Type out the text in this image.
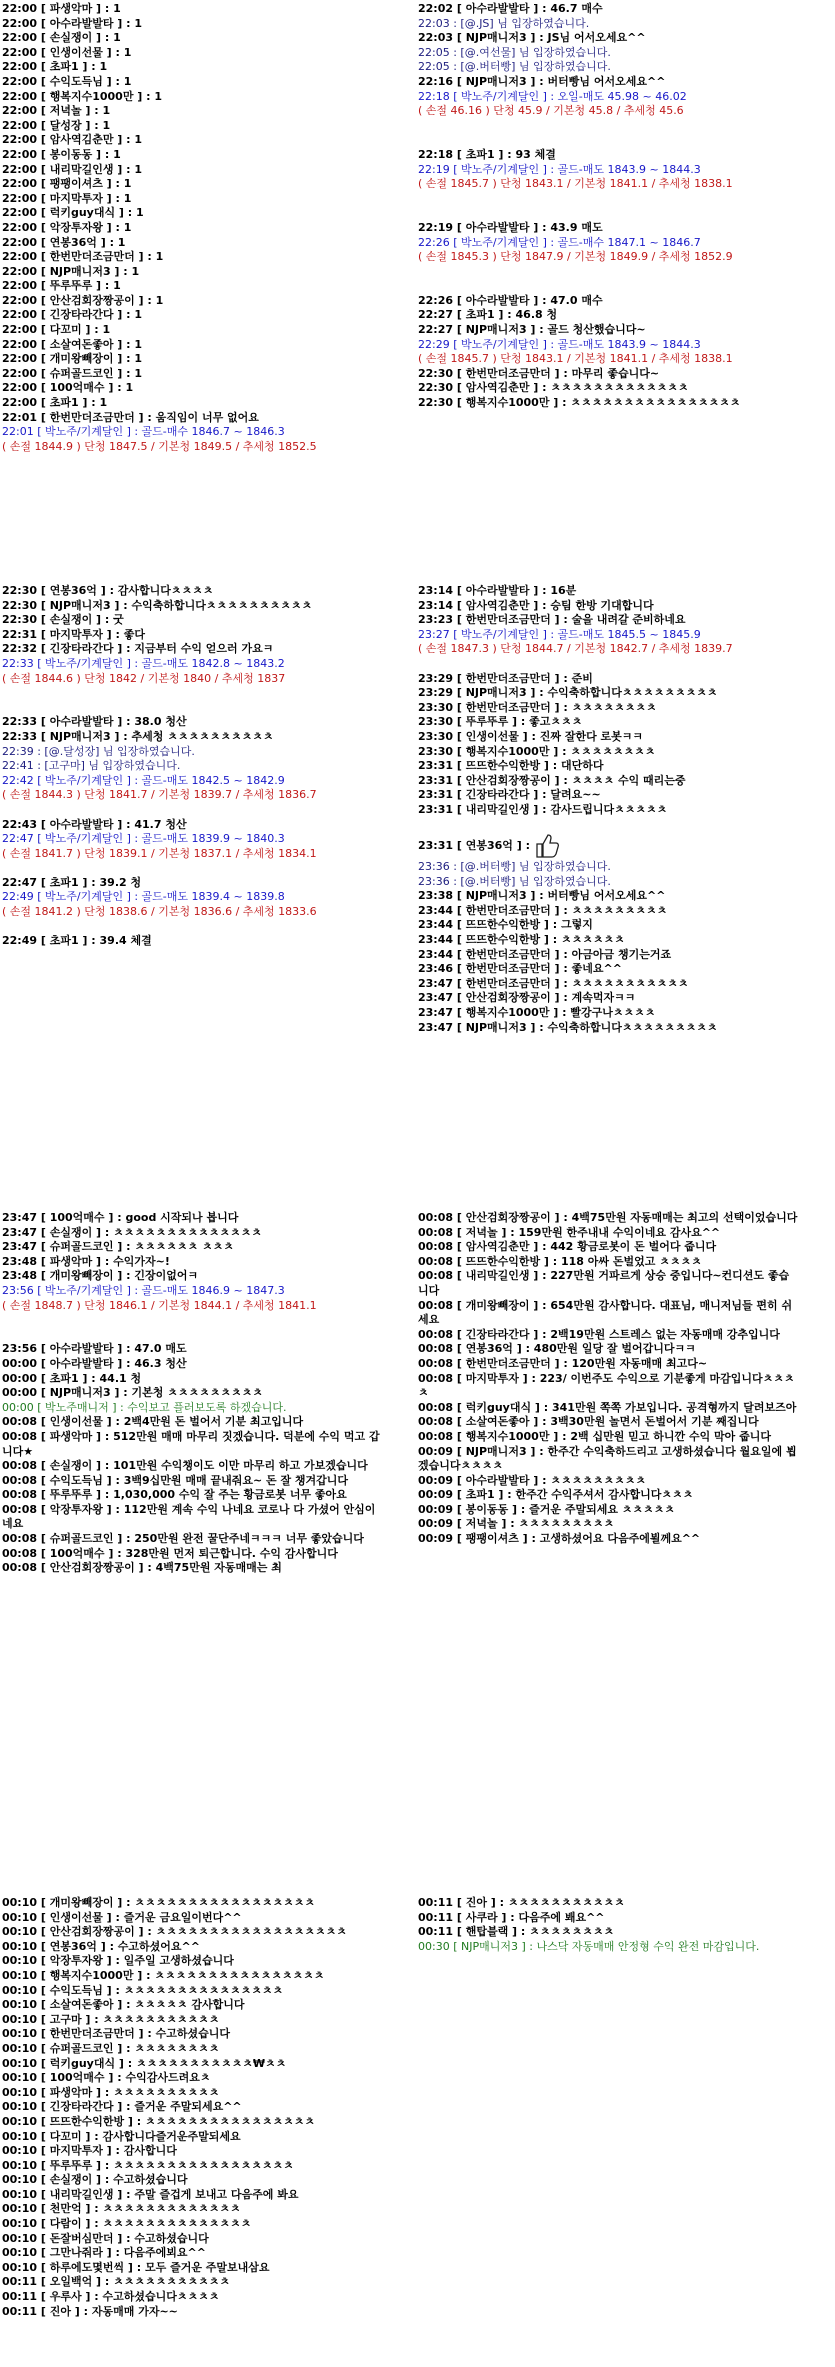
22:00 [ 파생악마 ] : 1
22:00 [ 아수라발발타 ] : 1
22:00 [ 손실쟁이 ] : 1
22:00 [ 인생이선물 ] : 1
22:00 [ 초파1 ] : 1
22:00 [ 수익도득님 ] : 1
22:00 [ 행복지수1000만 ] : 1
22:00 [ 저녁놀 ] : 1
22:00 [ 달성장 ] : 1
22:00 [ 암사역김춘만 ] : 1
22:00 [ 봉이동동 ] : 1
22:00 [ 내리막길인생 ] : 1
22:00 [ 팽팽이셔츠 ] : 1
22:00 [ 마지막투자 ] : 1
22:00 [ 럭키guy대식 ] : 1
22:00 [ 악장투자왕 ] : 1
22:00 [ 연봉36억 ] : 1
22:00 [ 한번만더조금만더 ] : 1
22:00 [ NJP매니저3 ] : 1
22:00 [ 뚜루뚜루 ] : 1
22:00 [ 안산검회장짱공이 ] : 1
22:00 [ 긴장타라간다 ] : 1
22:00 [ 다꼬미 ] : 1
22:00 [ 소살여돈좋아 ] : 1
22:00 [ 개미왕빼장이 ] : 1
22:00 [ 슈퍼골드코인 ] : 1
22:00 [ 100억매수 ] : 1
22:00 [ 초파1 ] : 1
22:01 [ 한번만더조금만더 ] : 움직임이 너무 없어요
22:01 [ 박노주/기계달인 ] : 골드-매수 1846.7 ~ 1846.3
( 손절 1844.9 ) 단청 1847.5 / 기본청 1849.5 / 추세청 1852.5
22:02 [ 아수라발발타 ] : 46.7 매수
22:03 : [@.JS] 님 입장하였습니다.
22:03 [ NJP매니저3 ] : JS님 어서오세요^^
22:05 : [@.여선물] 님 입장하였습니다.
22:05 : [@.버터빵] 님 입장하였습니다.
22:16 [ NJP매니저3 ] : 버터빵님 어서오세요^^
22:18 [ 박노주/기계달인 ] : 오일-매도 45.98 ~ 46.02
( 손절 46.16 ) 단청 45.9 / 기본청 45.8 / 추세청 45.6
22:18 [ 초파1 ] : 93 체결
22:19 [ 박노주/기계달인 ] : 골드-매도 1843.9 ~ 1844.3
( 손절 1845.7 ) 단청 1843.1 / 기본청 1841.1 / 추세청 1838.1
22:19 [ 아수라발발타 ] : 43.9 매도
22:26 [ 박노주/기계달인 ] : 골드-매수 1847.1 ~ 1846.7
( 손절 1845.3 ) 단청 1847.9 / 기본청 1849.9 / 추세청 1852.9
22:26 [ 아수라발발타 ] : 47.0 매수
22:27 [ 초파1 ] : 46.8 청
22:27 [ NJP매니저3 ] : 골드 청산했습니다~
22:29 [ 박노주/기계달인 ] : 골드-매도 1843.9 ~ 1844.3
( 손절 1845.7 ) 단청 1843.1 / 기본청 1841.1 / 추세청 1838.1
22:30 [ 한번만더조금만더 ] : 마무리 좋습니다~
22:30 [ 암사역김춘만 ] : ㅊㅊㅊㅊㅊㅊㅊㅊㅊㅊㅊㅊㅊ
22:30 [ 행복지수1000만 ] : ㅊㅊㅊㅊㅊㅊㅊㅊㅊㅊㅊㅊㅊㅊㅊㅊ
22:30 [ 연봉36억 ] : 감사합니다ㅊㅊㅊㅊ
22:30 [ NJP매니저3 ] : 수익축하합니다ㅊㅊㅊㅊㅊㅊㅊㅊㅊㅊ
22:30 [ 손실쟁이 ] : 굿
22:31 [ 마지막투자 ] : 좋다
22:32 [ 긴장타라간다 ] : 지금부터 수익 얻으러 가요ㅋ
22:33 [ 박노주/기계달인 ] : 골드-매도 1842.8 ~ 1843.2
( 손절 1844.6 ) 단청 1842 / 기본청 1840 / 추세청 1837
22:33 [ 아수라발발타 ] : 38.0 청산
22:33 [ NJP매니저3 ] : 추세청 ㅊㅊㅊㅊㅊㅊㅊㅊㅊㅊ
22:39 : [@.달성장] 님 입장하였습니다.
22:41 : [고구마] 님 입장하였습니다.
22:42 [ 박노주/기계달인 ] : 골드-매도 1842.5 ~ 1842.9
( 손절 1844.3 ) 단청 1841.7 / 기본청 1839.7 / 추세청 1836.7
22:43 [ 아수라발발타 ] : 41.7 청산
22:47 [ 박노주/기계달인 ] : 골드-매도 1839.9 ~ 1840.3
( 손절 1841.7 ) 단청 1839.1 / 기본청 1837.1 / 추세청 1834.1
22:47 [ 초파1 ] : 39.2 청
22:49 [ 박노주/기계달인 ] : 골드-매도 1839.4 ~ 1839.8
( 손절 1841.2 ) 단청 1838.6 / 기본청 1836.6 / 추세청 1833.6
22:49 [ 초파1 ] : 39.4 체결
23:14 [ 아수라발발타 ] : 16분
23:14 [ 암사역김춘만 ] : 승팀 한방 기대합니다
23:23 [ 한번만더조금만더 ] : 술을 내려갈 준비하네요
23:27 [ 박노주/기계달인 ] : 골드-매도 1845.5 ~ 1845.9
( 손절 1847.3 ) 단청 1844.7 / 기본청 1842.7 / 추세청 1839.7
23:29 [ 한번만더조금만더 ] : 준비
23:29 [ NJP매니저3 ] : 수익축하합니다ㅊㅊㅊㅊㅊㅊㅊㅊㅊ
23:30 [ 한번만더조금만더 ] : ㅊㅊㅊㅊㅊㅊㅊㅊ
23:30 [ 뚜루뚜루 ] : 좋고ㅊㅊㅊ
23:30 [ 인생이선물 ] : 진짜 잘한다 로봇ㅋㅋ
23:30 [ 행복지수1000만 ] : ㅊㅊㅊㅊㅊㅊㅊㅊ
23:31 [ 뜨뜨한수익한방 ] : 대단하다
23:31 [ 안산검회장짱공이 ] : ㅊㅊㅊㅊ 수익 때리는중
23:31 [ 긴장타라간다 ] : 달려요~~
23:31 [ 내리막길인생 ] : 감사드립니다ㅊㅊㅊㅊㅊ
23:31 [ 연봉36억 ] :
23:36 : [@.버터빵] 님 입장하였습니다.
23:36 : [@.버터빵] 님 입장하였습니다.
23:38 [ NJP매니저3 ] : 버터빵님 어서오세요^^
23:44 [ 한번만더조금만더 ] : ㅊㅊㅊㅊㅊㅊㅊㅊㅊ
23:44 [ 뜨뜨한수익한방 ] : 그렇지
23:44 [ 뜨뜨한수익한방 ] : ㅊㅊㅊㅊㅊㅊ
23:44 [ 한번만더조금만더 ] : 아금아금 챙기는거죠
23:46 [ 한번만더조금만더 ] : 좋네요^^
23:47 [ 한번만더조금만더 ] : ㅊㅊㅊㅊㅊㅊㅊㅊㅊㅊㅊ
23:47 [ 안산검회장짱공이 ] : 계속먹자ㅋㅋ
23:47 [ 행복지수1000만 ] : 빨강구나ㅊㅊㅊㅊ
23:47 [ NJP매니저3 ] : 수익축하합니다ㅊㅊㅊㅊㅊㅊㅊㅊㅊ
23:47 [ 100억매수 ] : good 시작되나 봅니다
23:47 [ 손실쟁이 ] : ㅊㅊㅊㅊㅊㅊㅊㅊㅊㅊㅊㅊㅊㅊ
23:47 [ 슈퍼골드코인 ] : ㅊㅊㅊㅊㅊㅊ ㅊㅊㅊ
23:48 [ 파생악마 ] : 수익가자~!
23:48 [ 개미왕빼장이 ] : 긴장이없어ㅋ
23:56 [ 박노주/기계달인 ] : 골드-매도 1846.9 ~ 1847.3
( 손절 1848.7 ) 단청 1846.1 / 기본청 1844.1 / 추세청 1841.1
23:56 [ 아수라발발타 ] : 47.0 매도
00:00 [ 아수라발발타 ] : 46.3 청산
00:00 [ 초파1 ] : 44.1 청
00:00 [ NJP매니저3 ] : 기본청 ㅊㅊㅊㅊㅊㅊㅊㅊㅊ
00:00 [ 박노주매니저 ] : 수익보고 플러보도록 하겠습니다.
00:08 [ 인생이선물 ] : 2백4만원 돈 벌어서 기분 최고입니다
00:08 [ 파생악마 ] : 512만원 매매 마무리 짓겠습니다. 덕분에 수익 먹고 갑니다★
00:08 [ 손실쟁이 ] : 101만원 수익챙이도 이만 마무리 하고 가보겠습니다
00:08 [ 수익도득님 ] : 3백9십만원 매매 끝내줘요~ 돈 잘 챙겨갑니다
00:08 [ 뚜루뚜루 ] : 1,030,000 수익 잘 주는 황금로봇 너무 좋아요
00:08 [ 악장투자왕 ] : 112만원 계속 수익 나네요 코로나 다 가셨어 안심이네요
00:08 [ 슈퍼골드코인 ] : 250만원 완전 꿀단주네ㅋㅋㅋ 너무 좋았습니다
00:08 [ 100억매수 ] : 328만원 먼저 퇴근합니다. 수익 감사합니다
00:08 [ 안산검회장짱공이 ] : 4백75만원 자동매매는 최
00:08 [ 안산검회장짱공이 ] : 4백75만원 자동매매는 최고의 선택이었습니다
00:08 [ 저녁놀 ] : 159만원 한주내내 수익이네요 감사요^^
00:08 [ 암사역김춘만 ] : 442 황금로봇이 돈 벌어다 줍니다
00:08 [ 뜨뜨한수익한방 ] : 118 아싸 돈벌었고 ㅊㅊㅊㅊ
00:08 [ 내리막길인생 ] : 227만원 거파르게 상승 중입니다~컨디션도 좋습니다
00:08 [ 개미왕빼장이 ] : 654만원 감사합니다. 대표님, 매니저님들 편히 쉬세요
00:08 [ 긴장타라간다 ] : 2백19만원 스트레스 없는 자동매매 강추입니다
00:08 [ 연봉36억 ] : 480만원 일당 잘 벌어갑니다ㅋㅋ
00:08 [ 한번만더조금만더 ] : 120만원 자동매매 최고다~
00:08 [ 마지막투자 ] : 223/ 이번주도 수익으로 기분좋게 마감입니다ㅊㅊㅊㅊ
00:08 [ 럭키guy대식 ] : 341만원 쪽쪽 가보입니다. 공격형까지 달려보즈아
00:08 [ 소살여돈좋아 ] : 3백30만원 놀면서 돈벌어서 기분 째집니다
00:08 [ 행복지수1000만 ] : 2백 십만원 믿고 하니깐 수익 막아 줍니다
00:09 [ NJP매니저3 ] : 한주간 수익축하드리고 고생하셨습니다 월요일에 뵙겠습니다ㅊㅊㅊㅊ
00:09 [ 아수라발발타 ] : ㅊㅊㅊㅊㅊㅊㅊㅊㅊ
00:09 [ 초파1 ] : 한주간 수익주셔서 감사합니다ㅊㅊㅊ
00:09 [ 봉이동동 ] : 즐거운 주말되세요 ㅊㅊㅊㅊㅊ
00:09 [ 저녁놀 ] : ㅊㅊㅊㅊㅊㅊㅊㅊㅊ
00:09 [ 팽팽이셔츠 ] : 고생하셨어요 다음주에뵐께요^^
00:10 [ 개미왕빼장이 ] : ㅊㅊㅊㅊㅊㅊㅊㅊㅊㅊㅊㅊㅊㅊㅊㅊㅊ
00:10 [ 인생이선물 ] : 즐거운 금요일이번다^^
00:10 [ 안산검회장짱공이 ] : ㅊㅊㅊㅊㅊㅊㅊㅊㅊㅊㅊㅊㅊㅊㅊㅊㅊㅊ
00:10 [ 연봉36억 ] : 수고하셨어요^^
00:10 [ 악장투자왕 ] : 일주일 고생하셨습니다
00:10 [ 행복지수1000만 ] : ㅊㅊㅊㅊㅊㅊㅊㅊㅊㅊㅊㅊㅊㅊㅊㅊ
00:10 [ 수익도득님 ] : ㅊㅊㅊㅊㅊㅊㅊㅊㅊㅊㅊㅊㅊㅊㅊ
00:10 [ 소살여돈좋아 ] : ㅊㅊㅊㅊㅊ 감사합니다
00:10 [ 고구마 ] : ㅊㅊㅊㅊㅊㅊㅊㅊㅊㅊㅊ
00:10 [ 한번만더조금만더 ] : 수고하셨습니다
00:10 [ 슈퍼골드코인 ] : ㅊㅊㅊㅊㅊㅊㅊㅊ
00:10 [ 럭키guy대식 ] : ㅊㅊㅊㅊㅊㅊㅊㅊㅊㅊㅊ₩ㅊㅊ
00:10 [ 100억매수 ] : 수익감사드려요ㅊ
00:10 [ 파생악마 ] : ㅊㅊㅊㅊㅊㅊㅊㅊㅊㅊ
00:10 [ 긴장타라간다 ] : 즐거운 주말되세요^^
00:10 [ 뜨뜨한수익한방 ] : ㅊㅊㅊㅊㅊㅊㅊㅊㅊㅊㅊㅊㅊㅊㅊㅊ
00:10 [ 다꼬미 ] : 감사합니다즐거운주말되세요
00:10 [ 마지막투자 ] : 감사합니다
00:10 [ 뚜루뚜루 ] : ㅊㅊㅊㅊㅊㅊㅊㅊㅊㅊㅊㅊㅊㅊㅊㅊㅊ
00:10 [ 손실쟁이 ] : 수고하셨습니다
00:10 [ 내리막길인생 ] : 주말 즐겁게 보내고 다음주에 봐요
00:10 [ 천만억 ] : ㅊㅊㅊㅊㅊㅊㅊㅊㅊㅊㅊㅊㅊ
00:10 [ 다람이 ] : ㅊㅊㅊㅊㅊㅊㅊㅊㅊㅊㅊㅊㅊㅊ
00:10 [ 돈잘버심만더 ] : 수고하셨습니다
00:10 [ 그만나줘라 ] : 다음주에뵈요^^
00:10 [ 하루에도몇번씩 ] : 모두 즐거운 주말보내삼요
00:11 [ 오일백억 ] : ㅊㅊㅊㅊㅊㅊㅊㅊㅊㅊㅊ
00:11 [ 우루사 ] : 수고하셨습니다ㅊㅊㅊㅊ
00:11 [ 진아 ] : 자동매매 가자~~
00:11 [ 진아 ] : ㅊㅊㅊㅊㅊㅊㅊㅊㅊㅊㅊ
00:11 [ 사쿠라 ] : 다음주에 봬요^^
00:11 [ 핸탑블랙 ] : ㅊㅊㅊㅊㅊㅊㅊㅊ
00:30 [ NJP매니저3 ] : 나스닥 자동매매 안정형 수익 완전 마감입니다.
